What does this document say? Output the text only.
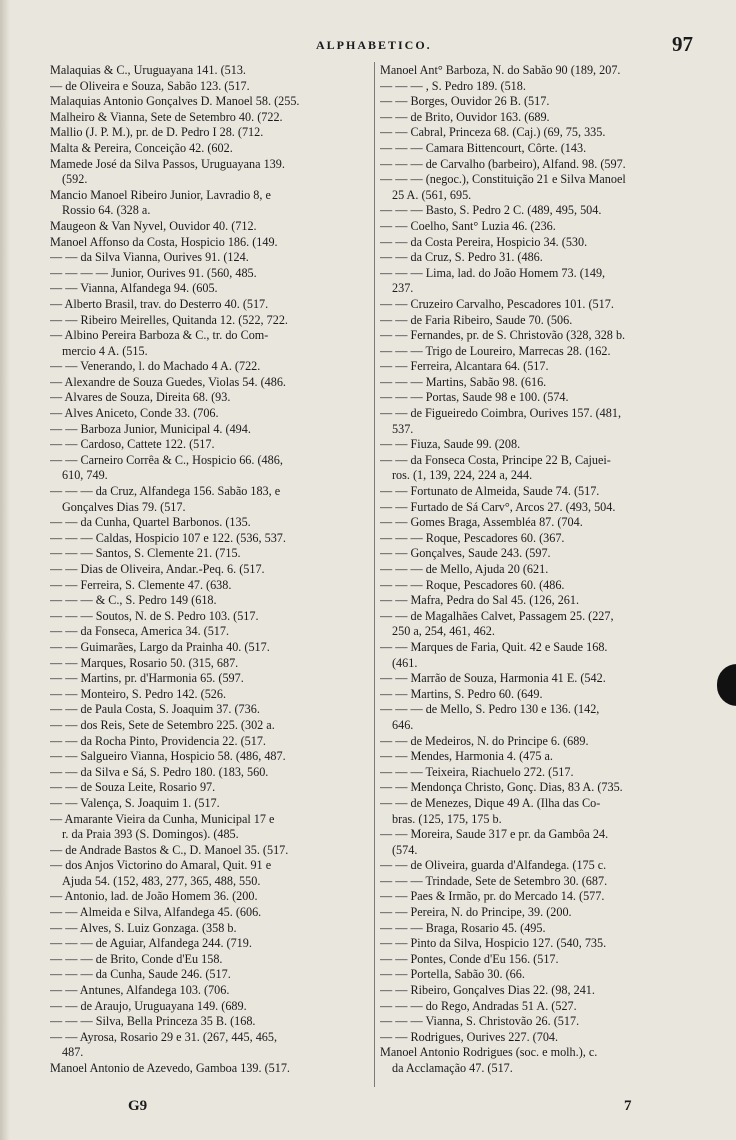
ALPHABETICO.	97
Malaquias & C., Uruguayana 141. (513.
— de Oliveira e Souza, Sabão 123. (517.
Malaquias Antonio Gonçalves D. Manoel 58. (255.
Malheiro & Vianna, Sete de Setembro 40. (722.
Mallio (J. P. M.), pr. de D. Pedro I 28. (712.
Malta & Pereira, Conceição 42. (602.
Mamede José da Silva Passos, Uruguayana 139.
(592.
Mancio Manoel Ribeiro Junior, Lavradio 8, e
Rossio 64. (328 a.
Maugeon & Van Nyvel, Ouvidor 40. (712.
Manoel Affonso da Costa, Hospicio 186. (149.
— — da Silva Vianna, Ourives 91. (124.
— — — — Junior, Ourives 91. (560, 485.
— — Vianna, Alfandega 94. (605.
— Alberto Brasil, trav. do Desterro 40. (517.
— — Ribeiro Meirelles, Quitanda 12. (522, 722.
— Albino Pereira Barboza & C., tr. do Com-
mercio 4 A. (515.
— — Venerando, l. do Machado 4 A. (722.
— Alexandre de Souza Guedes, Violas 54. (486.
— Alvares de Souza, Direita 68. (93.
— Alves Aniceto, Conde 33. (706.
— — Barboza Junior, Municipal 4. (494.
— — Cardoso, Cattete 122. (517.
— — Carneiro Corrêa & C., Hospicio 66. (486,
610, 749.
— — — da Cruz, Alfandega 156. Sabão 183, e
Gonçalves Dias 79. (517.
— — da Cunha, Quartel Barbonos. (135.
— — — Caldas, Hospicio 107 e 122. (536, 537.
— — — Santos, S. Clemente 21. (715.
— — Dias de Oliveira, Andar.-Peq. 6. (517.
— — Ferreira, S. Clemente 47. (638.
— — — & C., S. Pedro 149 (618.
— — — Soutos, N. de S. Pedro 103. (517.
— — da Fonseca, America 34. (517.
— — Guimarães, Largo da Prainha 40. (517.
— — Marques, Rosario 50. (315, 687.
— — Martins, pr. d'Harmonia 65. (597.
— — Monteiro, S. Pedro 142. (526.
— — de Paula Costa, S. Joaquim 37. (736.
— — dos Reis, Sete de Setembro 225. (302 a.
— — da Rocha Pinto, Providencia 22. (517.
— — Salgueiro Vianna, Hospicio 58. (486, 487.
— — da Silva e Sá, S. Pedro 180. (183, 560.
— — de Souza Leite, Rosario 97.
— — Valença, S. Joaquim 1. (517.
— Amarante Vieira da Cunha, Municipal 17 e
r. da Praia 393 (S. Domingos). (485.
— de Andrade Bastos & C., D. Manoel 35. (517.
— dos Anjos Victorino do Amaral, Quit. 91 e
Ajuda 54. (152, 483, 277, 365, 488, 550.
— Antonio, lad. de João Homem 36. (200.
— — Almeida e Silva, Alfandega 45. (606.
— — Alves, S. Luiz Gonzaga. (358 b.
— — — de Aguiar, Alfandega 244. (719.
— — — de Brito, Conde d'Eu 158.
— — — da Cunha, Saude 246. (517.
— — Antunes, Alfandega 103. (706.
— — de Araujo, Uruguayana 149. (689.
— — — Silva, Bella Princeza 35 B. (168.
— — Ayrosa, Rosario 29 e 31. (267, 445, 465,
487.
Manoel Antonio de Azevedo, Gamboa 139. (517.
Manoel Ant° Barboza, N. do Sabão 90 (189, 207.
— — — , S. Pedro 189. (518.
— — Borges, Ouvidor 26 B. (517.
— — de Brito, Ouvidor 163. (689.
— — Cabral, Princeza 68. (Caj.) (69, 75, 335.
— — — Camara Bittencourt, Côrte. (143.
— — — de Carvalho (barbeiro), Alfand. 98. (597.
— — — (negoc.), Constituição 21 e Silva Manoel
25 A. (561, 695.
— — — Basto, S. Pedro 2 C. (489, 495, 504.
— — Coelho, Sant° Luzia 46. (236.
— — da Costa Pereira, Hospicio 34. (530.
— — da Cruz, S. Pedro 31. (486.
— — — Lima, lad. do João Homem 73. (149,
237.
— — Cruzeiro Carvalho, Pescadores 101. (517.
— — de Faria Ribeiro, Saude 70. (506.
— — Fernandes, pr. de S. Christovão (328, 328 b.
— — — Trigo de Loureiro, Marrecas 28. (162.
— — Ferreira, Alcantara 64. (517.
— — — Martins, Sabão 98. (616.
— — — Portas, Saude 98 e 100. (574.
— — de Figueiredo Coimbra, Ourives 157. (481,
537.
— — Fiuza, Saude 99. (208.
— — da Fonseca Costa, Principe 22 B, Cajuei-
ros. (1, 139, 224, 224 a, 244.
— — Fortunato de Almeida, Saude 74. (517.
— — Furtado de Sá Carv°, Arcos 27. (493, 504.
— — Gomes Braga, Assembléa 87. (704.
— — — Roque, Pescadores 60. (367.
— — Gonçalves, Saude 243. (597.
— — — de Mello, Ajuda 20 (621.
— — — Roque, Pescadores 60. (486.
— — Mafra, Pedra do Sal 45. (126, 261.
— — de Magalhães Calvet, Passagem 25. (227,
250 a, 254, 461, 462.
— — Marques de Faria, Quit. 42 e Saude 168.
(461.
— — Marrão de Souza, Harmonia 41 E. (542.
— — Martins, S. Pedro 60. (649.
— — — de Mello, S. Pedro 130 e 136. (142,
646.
— — de Medeiros, N. do Principe 6. (689.
— — Mendes, Harmonia 4. (475 a.
— — — Teixeira, Riachuelo 272. (517.
— — Mendonça Christo, Gonç. Dias, 83 A. (735.
— — de Menezes, Dique 49 A. (Ilha das Co-
bras. (125, 175, 175 b.
— — Moreira, Saude 317 e pr. da Gambôa 24.
(574.
— — de Oliveira, guarda d'Alfandega. (175 c.
— — — Trindade, Sete de Setembro 30. (687.
— — Paes & Irmão, pr. do Mercado 14. (577.
— — Pereira, N. do Principe, 39. (200.
— — — Braga, Rosario 45. (495.
— — Pinto da Silva, Hospicio 127. (540, 735.
— — Pontes, Conde d'Eu 156. (517.
— — Portella, Sabão 30. (66.
— — Ribeiro, Gonçalves Dias 22. (98, 241.
— — — do Rego, Andradas 51 A. (527.
— — — Vianna, S. Christovão 26. (517.
— — Rodrigues, Ourives 227. (704.
Manoel Antonio Rodrigues (soc. e molh.), c.
da Acclamação 47. (517.
G9	7
